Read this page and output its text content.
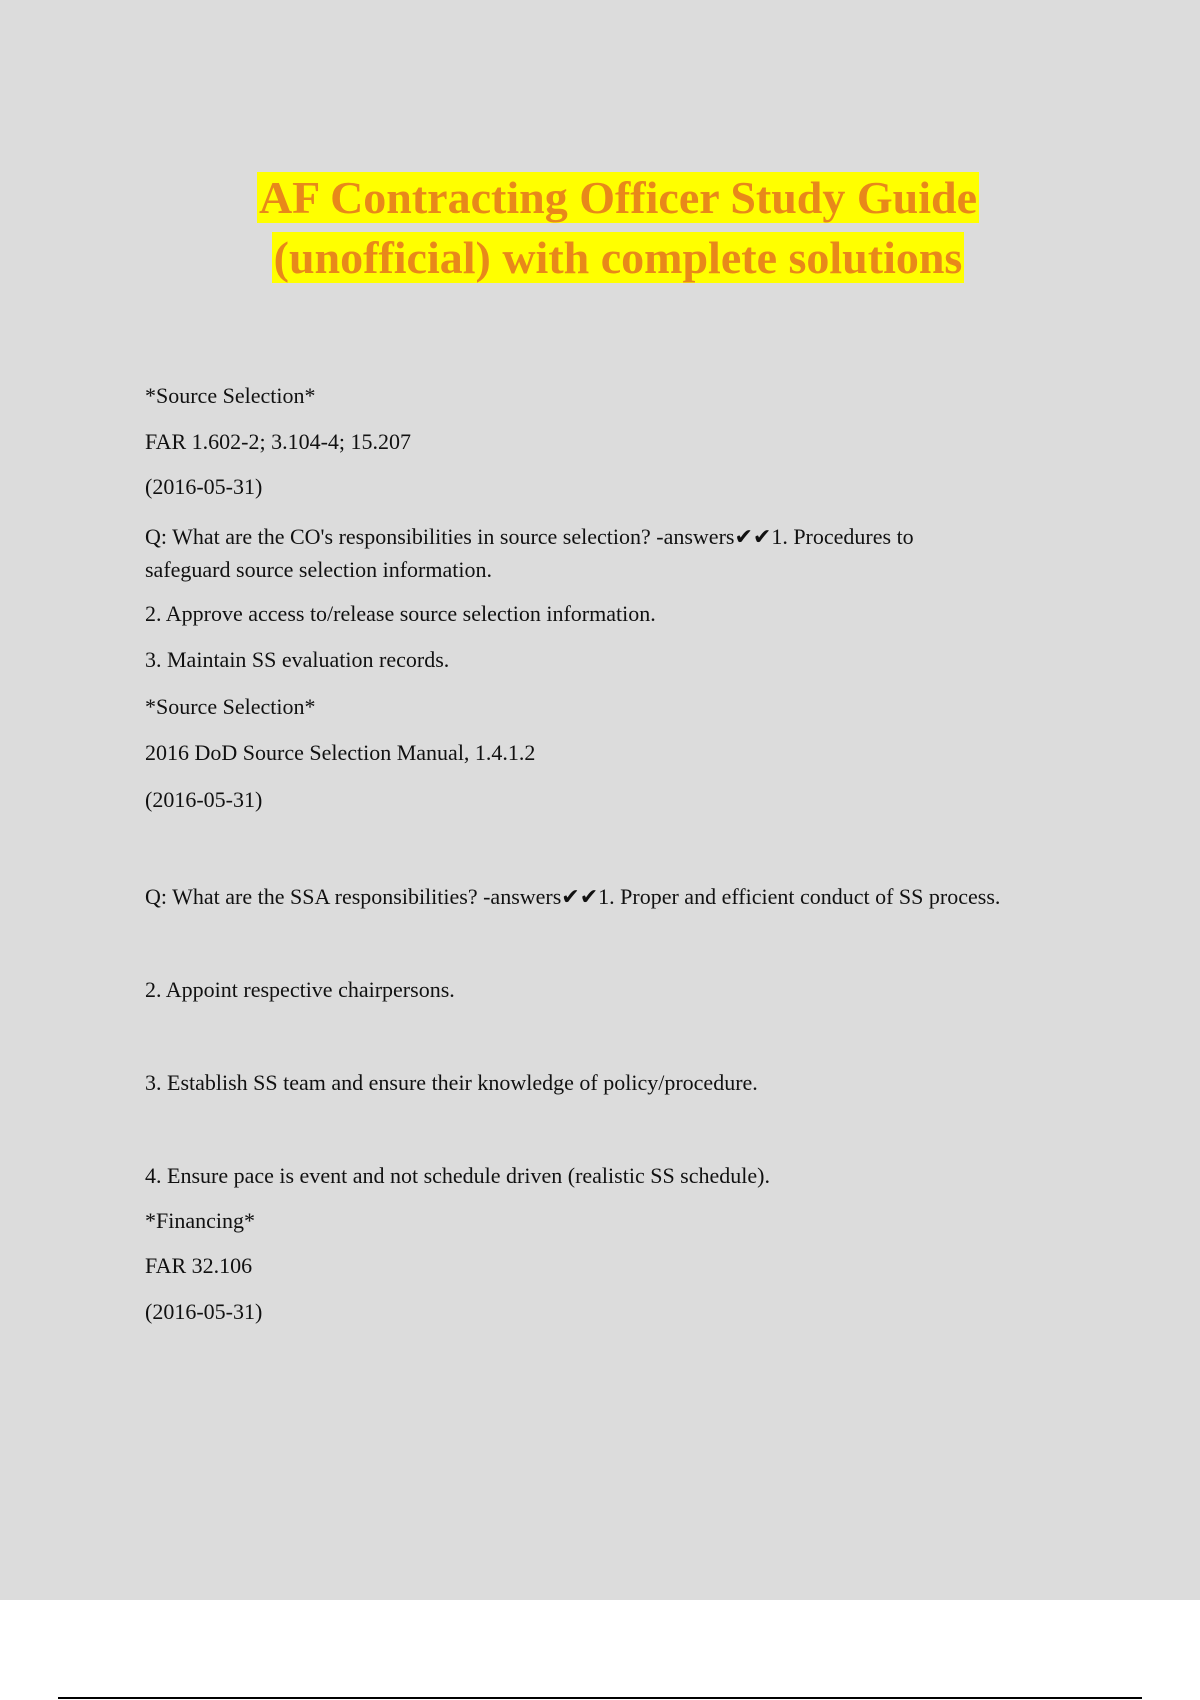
AF Contracting Officer Study Guide
(unofficial) with complete solutions

*Source Selection*

FAR 1.602-2; 3.104-4; 15.207

(2016-05-31)

Q: What are the CO's responsibilities in source selection? -answers✔✔1. Procedures to

safeguard source selection information.

2. Approve access to/release source selection information.

3. Maintain SS evaluation records.

*Source Selection*

2016 DoD Source Selection Manual, 1.4.1.2

(2016-05-31)

Q: What are the SSA responsibilities? -answers✔✔1. Proper and efficient conduct of SS process.

2. Appoint respective chairpersons.

3. Establish SS team and ensure their knowledge of policy/procedure.

4. Ensure pace is event and not schedule driven (realistic SS schedule).

*Financing*

FAR 32.106

(2016-05-31)
